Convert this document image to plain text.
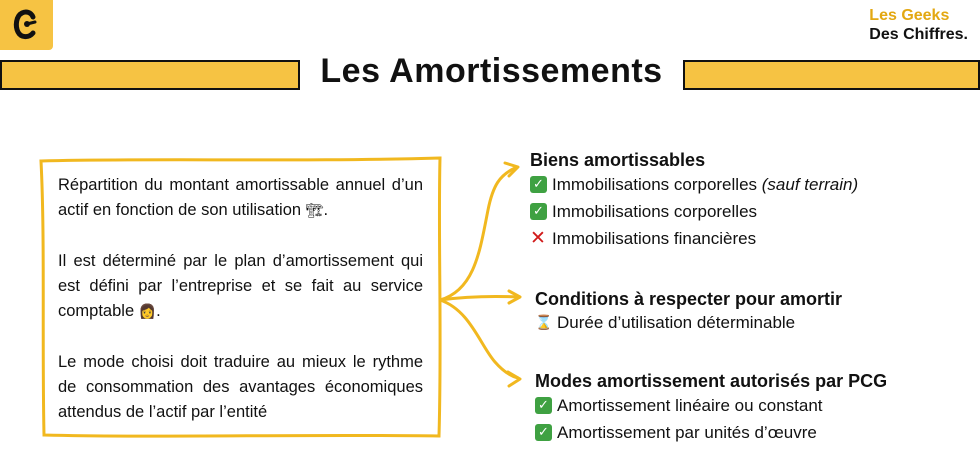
Les Geeks
Des Chiffres.
Les Amortissements

Répartition du montant amortissable annuel d’un actif en fonction de son utilisation 🏗.

Il est déterminé par le plan d’amortissement qui est défini par l’entreprise et se fait au service comptable 👩.

Le mode choisi doit traduire au mieux le rythme de consommation des avantages économiques attendus de l’actif par l’entité

Biens amortissables
✓ Immobilisations corporelles
(sauf terrain)
✓ Immobilisations corporelles
✕ Immobilisations financières
Conditions à respecter pour amortir
⌛ Durée d’utilisation déterminable
Modes amortissement autorisés par PCG
✓ Amortissement linéaire ou constant
✓ Amortissement par unités d’œuvre
